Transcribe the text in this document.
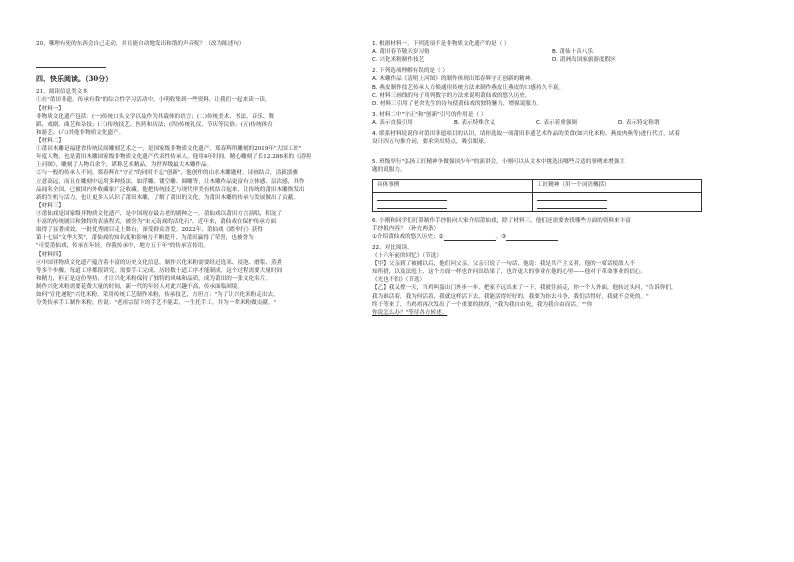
20、哪理有死的东西会自己走动，并且能自动地发出和谐的声音呢？（改为陈述句）

四、快乐阅读。（30分）

21、阅读信息类文本

①在"莆田非遗，传承有我"的综合性学习活动中，小明收集到一些资料，让我们一起来读一读。

【材料一】

非物质文化遗产包括：(一)传统口头文学以及作为其载体的语言；(二)传统美术、书法、音乐、舞

蹈、戏剧、曲艺和杂技；(三)传统技艺、医药和历法；(四)传统礼仪、节庆等民俗；(五)传统体育

和游艺；(六)其他非物质文化遗产。

【材料二】

①莆田木雕是福建省传统民间雕刻艺术之一，是国家级非物质文化遗产。郑春辉所雕刻的2019年"大国工匠"

年度人物，也是莆田木雕国家级非物质文化遗产代表性传承人。他用4年时间，精心雕刻了长12.286米的《清明

上河图》，雕刻了人物百余个，堪称艺术精品，为世界级最大木雕作品。

②与一般的传承人不同，郑春辉在"守正"的同时不忘"创新"，他创作的山水木雕题材，诗画结合，清新淡雅

立意高远，而且在雕刻中运用多种技法，如浮雕、镂空雕、圆雕等，让木雕作品更富有立体感、层次感，其作

品闻名全国，已被国内外收藏家广泛收藏。他把传统技艺与现代审美有机结合起来，让传统的莆田木雕焕发出

新的生机与活力，也让更多人认识了莆田木雕，了解了莆田的文化，为莆田木雕的传承与发展做出了贡献。

【材料三】

③莆仙戏是国家级非物质文化遗产，是中国现存最古老的剧种之一。莆仙戏以莆田方言演唱，积淀了

丰富的传统剧目和独特的表演程式，被誉为"宋元南戏的活化石"。近年来，莆仙戏在保护传承方面

取得了显著成效，一批优秀剧目走上舞台，深受群众喜爱。2022年，莆仙戏《踏伞行》获得

第十七届"文华大奖"，莆仙戏的知名度和影响力不断提升，为莆田赢得了荣誉，也被誉为

"可爱莆仙戏，传承在年轻，你我传承中，地方五千年"的传承宣传语。

【材料四】

④中国非物质文化遗产蕴含着丰富的历史文化信息，制作兴化米粉需要经过选米、浸泡、磨浆、蒸煮

等多个步骤，每道工序都很讲究，需要手工完成，历经数十道工序才能制成。这个过程需要大量时间

和精力，但正是这份坚持，才让兴化米粉保持了独特的风味和品质，成为莆田的一张文化名片。

制作兴化米粉需要花费大量的时间，新一代的年轻人对此兴趣不高，传承面临困境。

如何"宣化递陀"兴化米粉，采用传统工艺制作米粉，传承技艺，方坦言："为了让兴化米粉走出去，

分类传承手工制作米粉，佐说："老祖宗留下的手艺不能丢，一生托手工，并为一辈米粉做贡献。"

1. 根据材料一，下列选项不是非物质文化遗产的是（ ）

A. 莆田春节敬天岁习俗	B. 莆仙十音八乐
C. 兴化米粉制作技艺	D. 湄洲岛国家旅游度假区

2. 下列选项理解有误的是（ ）

A. 木雕作品《清明上河图》的制作体现出郑春辉守正创新的精神。

B. 燕皮制作技艺传承人方焕通用传统方法来制作燕皮让燕皮的口感持久不衰。

C. 材料三画线的句子用列数字的方法来说明莆仙戏的悠久历史。

D. 材料三引用了老舍先生的诗句使莆仙戏的独特魅力，增强说服力。

3. 材料二中"守正"和"创新"引号的作用是（ ）

A. 表示直接引用	B. 表示特殊含义	C. 表示着重强调	D. 表示特定称谓

4. 联系材料说说你对莆田非遗项目的认识。请你选取一项莆田非遗艺术作品的美食(如兴化米粉、燕皮肉燕等)进行代言，试着

设计四五句推介词，要求突出特点，吸引眼球。

5. 班级举行"弘扬工匠精神争做强国少年"的演讲会，小刚可以从文本中挑选出哪些合适的事例来增强主

题的说服力。

具体事例	工匠精神（用一个词语概括）

6. 小刚和同学们打算制作手抄报向大家介绍莆仙戏，除了材料三，他们还需要查找哪些方面的资料来丰富

手抄报内容？（补充两条）

①介绍莆仙戏的悠久历史；②	。③

22、对比阅读。

《十六年前的回忆》（节选）

【甲】父亲到了被捕以后，他们问父亲，父亲只说了一句话，他说：我是共产主义者，他的一席话使敌人不

知所措，以及法庭上，这个方面一样也许问出结果了，也许更大的事业在他的心里——他对于革命事业的信心。

《光也不怕》（节选）

【乙】我又撑一天，当鸡叫蛋出门外步一步，把家不远出来了一下，我就往前走，你一个人外面，他转过头问，"告诉你们，

我为谁活着，我为何活着，我就这样活下去，我能活得好好的，我要为你去斗争，我们活得好，我就不会死的。"

终于等来了，当鸡鸡再次发出了一个重要的抉择，"我为我自由死，我为我自由而活。""你

你说怎么办？"等待各方转述。
